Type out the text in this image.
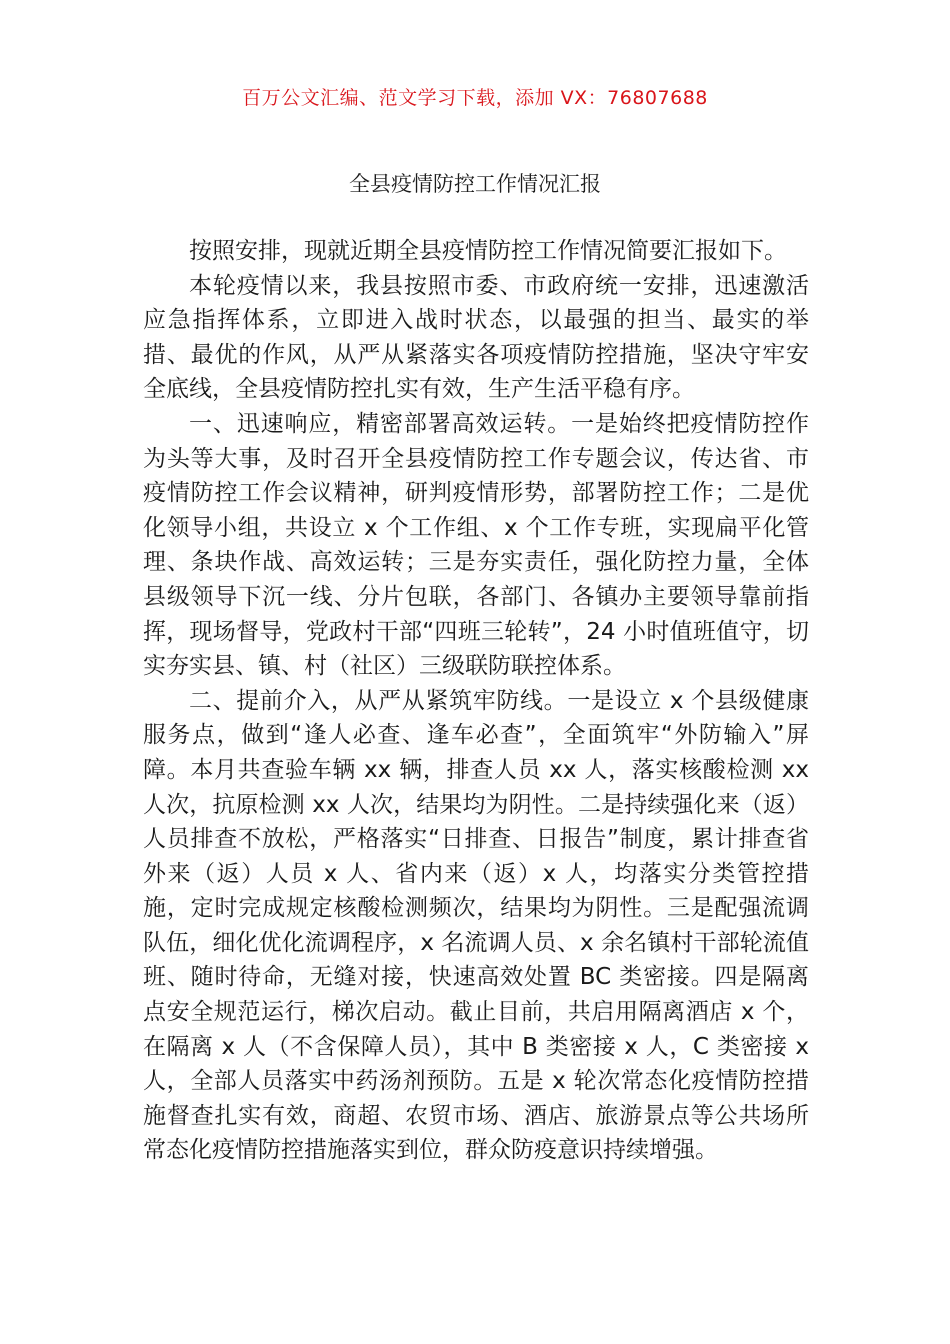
百万公文汇编、范文学习下载，添加 VX：76807688
全县疫情防控工作情况汇报

按照安排，现就近期全县疫情防控工作情况简要汇报如下。

本轮疫情以来，我县按照市委、市政府统一安排，迅速激活应急指挥体系，立即进入战时状态，以最强的担当、最实的举措、最优的作风，从严从紧落实各项疫情防控措施，坚决守牢安全底线，全县疫情防控扎实有效，生产生活平稳有序。

一、迅速响应，精密部署高效运转。一是始终把疫情防控作为头等大事，及时召开全县疫情防控工作专题会议，传达省、市疫情防控工作会议精神，研判疫情形势，部署防控工作；二是优化领导小组，共设立 x 个工作组、x 个工作专班，实现扁平化管理、条块作战、高效运转；三是夯实责任，强化防控力量，全体县级领导下沉一线、分片包联，各部门、各镇办主要领导靠前指挥，现场督导，党政村干部“四班三轮转”，24 小时值班值守，切实夯实县、镇、村（社区）三级联防联控体系。

二、提前介入，从严从紧筑牢防线。一是设立 x 个县级健康服务点，做到“逢人必查、逢车必查”，全面筑牢“外防输入”屏障。本月共查验车辆 xx 辆，排查人员 xx 人，落实核酸检测 xx 人次，抗原检测 xx 人次，结果均为阴性。二是持续强化来（返）人员排查不放松，严格落实“日排查、日报告”制度，累计排查省外来（返）人员 x 人、省内来（返）x 人，均落实分类管控措施，定时完成规定核酸检测频次，结果均为阴性。三是配强流调队伍，细化优化流调程序，x 名流调人员、x 余名镇村干部轮流值班、随时待命，无缝对接，快速高效处置 BC 类密接。四是隔离点安全规范运行，梯次启动。截止目前，共启用隔离酒店 x 个，在隔离 x 人（不含保障人员），其中 B 类密接 x 人，C 类密接 x 人，全部人员落实中药汤剂预防。五是 x 轮次常态化疫情防控措施督查扎实有效，商超、农贸市场、酒店、旅游景点等公共场所常态化疫情防控措施落实到位，群众防疫意识持续增强。
